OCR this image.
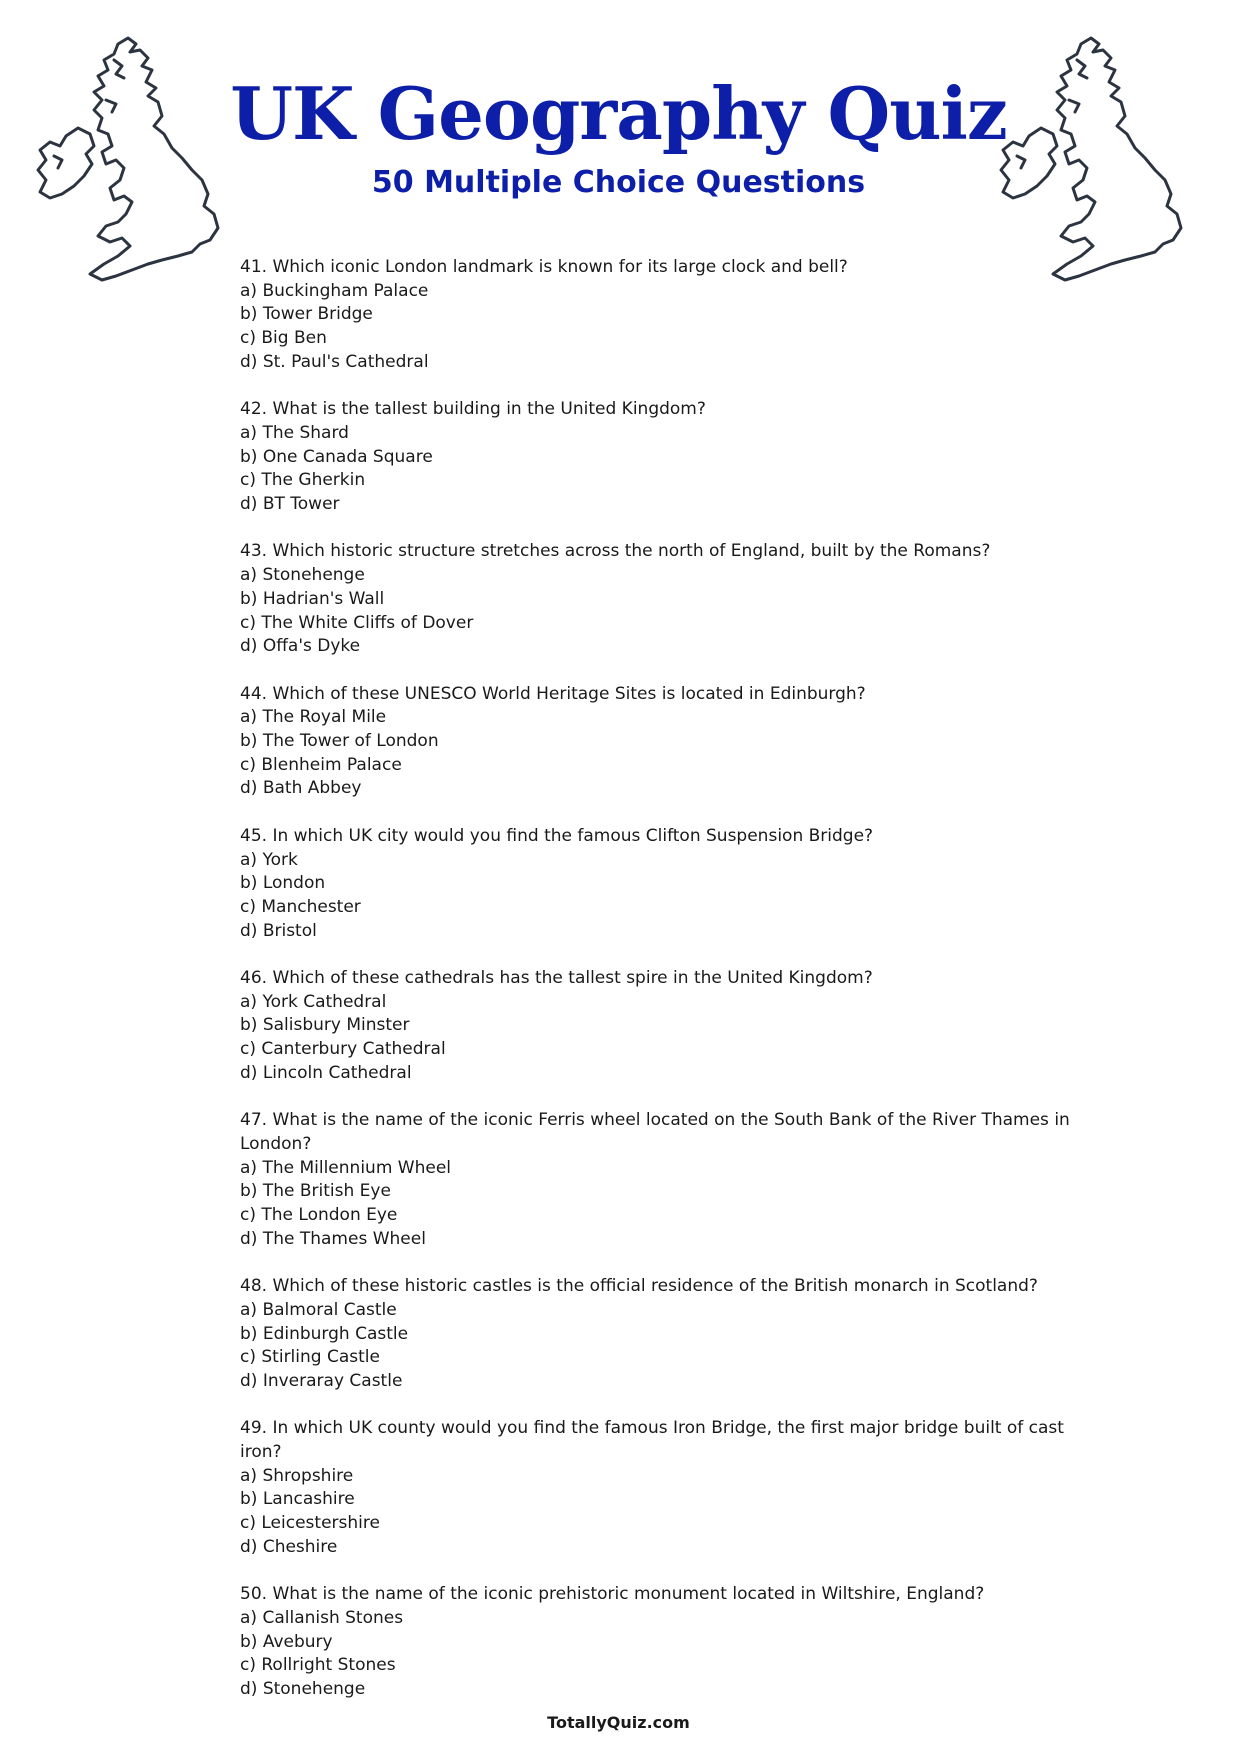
UK Geography Quiz
50 Multiple Choice Questions
41. Which iconic London landmark is known for its large clock and bell?
a) Buckingham Palace
b) Tower Bridge
c) Big Ben
d) St. Paul's Cathedral
42. What is the tallest building in the United Kingdom?
a) The Shard
b) One Canada Square
c) The Gherkin
d) BT Tower
43. Which historic structure stretches across the north of England, built by the Romans?
a) Stonehenge
b) Hadrian's Wall
c) The White Cliffs of Dover
d) Offa's Dyke
44. Which of these UNESCO World Heritage Sites is located in Edinburgh?
a) The Royal Mile
b) The Tower of London
c) Blenheim Palace
d) Bath Abbey
45. In which UK city would you find the famous Clifton Suspension Bridge?
a) York
b) London
c) Manchester
d) Bristol
46. Which of these cathedrals has the tallest spire in the United Kingdom?
a) York Cathedral
b) Salisbury Minster
c) Canterbury Cathedral
d) Lincoln Cathedral
47. What is the name of the iconic Ferris wheel located on the South Bank of the River Thames in London?
a) The Millennium Wheel
b) The British Eye
c) The London Eye
d) The Thames Wheel
48. Which of these historic castles is the official residence of the British monarch in Scotland?
a) Balmoral Castle
b) Edinburgh Castle
c) Stirling Castle
d) Inveraray Castle
49. In which UK county would you find the famous Iron Bridge, the first major bridge built of cast iron?
a) Shropshire
b) Lancashire
c) Leicestershire
d) Cheshire
50. What is the name of the iconic prehistoric monument located in Wiltshire, England?
a) Callanish Stones
b) Avebury
c) Rollright Stones
d) Stonehenge
TotallyQuiz.com
